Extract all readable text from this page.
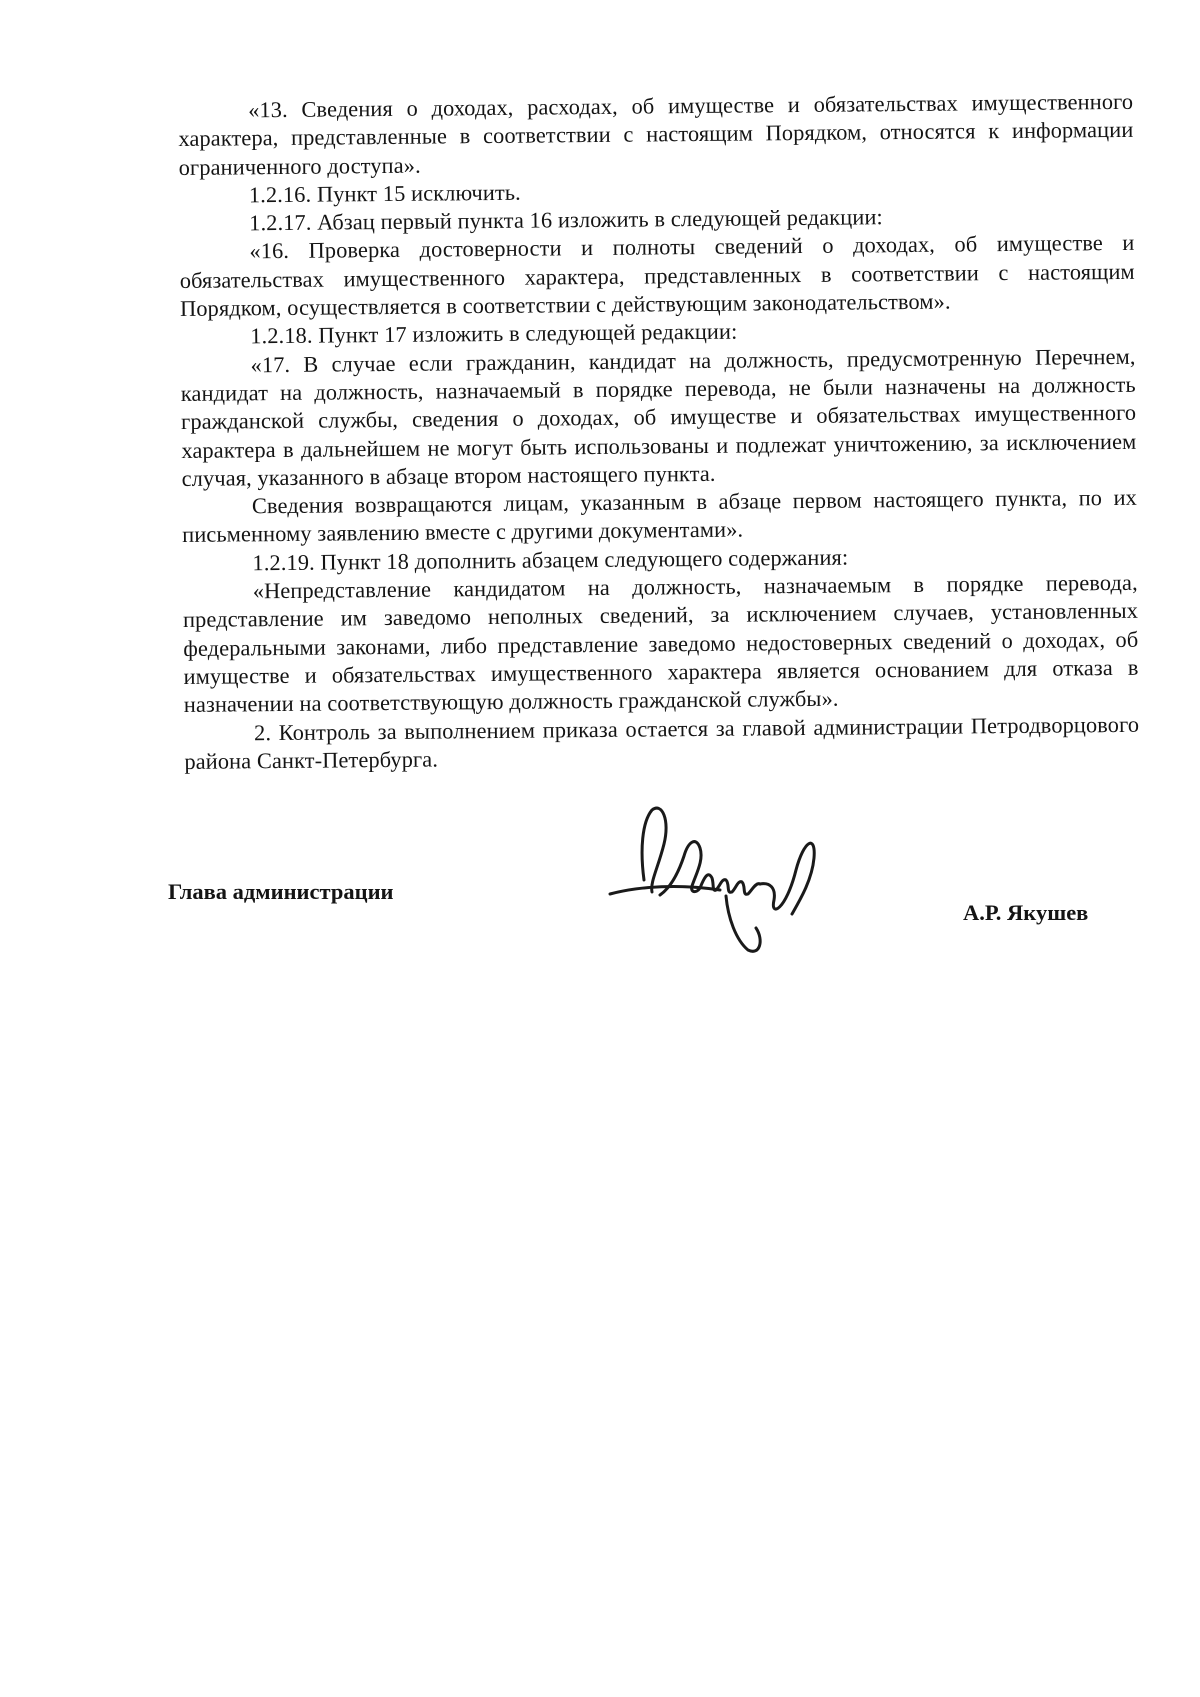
«13. Сведения о доходах, расходах, об имуществе и обязательствах имущественного характера, представленные в соответствии с настоящим Порядком, относятся к информации ограниченного доступа».

1.2.16. Пункт 15 исключить.

1.2.17. Абзац первый пункта 16 изложить в следующей редакции:

«16. Проверка достоверности и полноты сведений о доходах, об имуществе и обязательствах имущественного характера, представленных в соответствии с настоящим Порядком, осуществляется в соответствии с действующим законодательством».

1.2.18. Пункт 17 изложить в следующей редакции:

«17. В случае если гражданин, кандидат на должность, предусмотренную Перечнем, кандидат на должность, назначаемый в порядке перевода, не были назначены на должность гражданской службы, сведения о доходах, об имуществе и обязательствах имущественного характера в дальнейшем не могут быть использованы и подлежат уничтожению, за исключением случая, указанного в абзаце втором настоящего пункта.

Сведения возвращаются лицам, указанным в абзаце первом настоящего пункта, по их письменному заявлению вместе с другими документами».

1.2.19. Пункт 18 дополнить абзацем следующего содержания:

«Непредставление кандидатом на должность, назначаемым в порядке перевода, представление им заведомо неполных сведений, за исключением случаев, установленных федеральными законами, либо представление заведомо недостоверных сведений о доходах, об имуществе и обязательствах имущественного характера является основанием для отказа в назначении на соответствующую должность гражданской службы».

2. Контроль за выполнением приказа остается за главой администрации Петродворцового района Санкт-Петербурга.

Глава администрации
А.Р. Якушев
